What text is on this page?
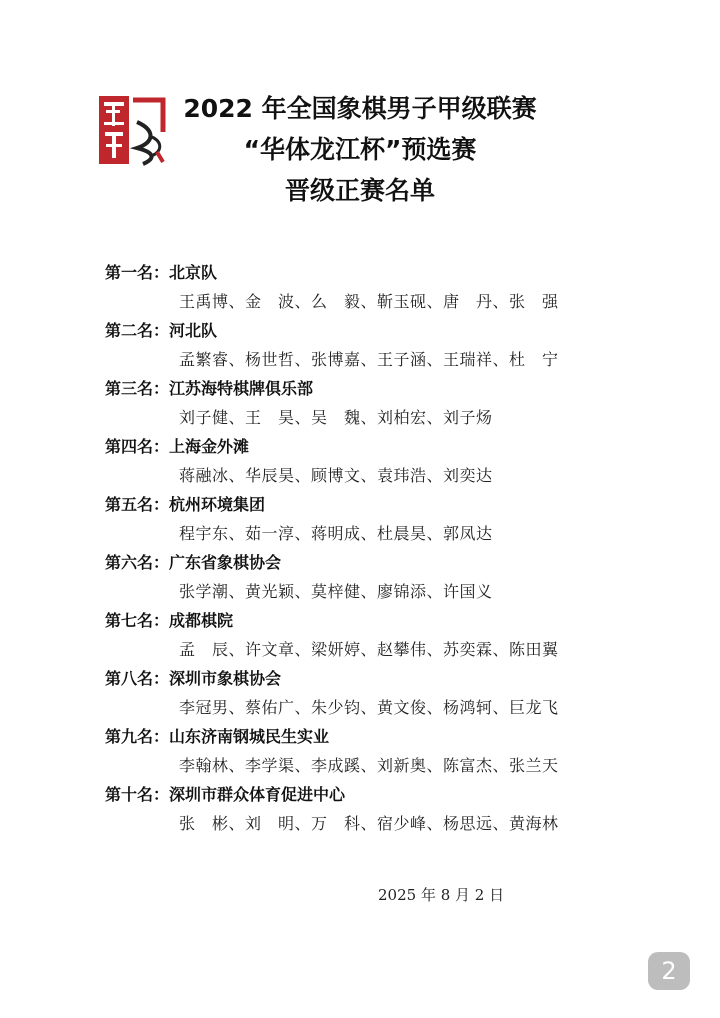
2022 年全国象棋男子甲级联赛
“华体龙江杯”预选赛
晋级正赛名单
第一名：北京队
王禹博、金　波、么　毅、靳玉砚、唐　丹、张　强
第二名：河北队
孟繁睿、杨世哲、张博嘉、王子涵、王瑞祥、杜　宁
第三名：江苏海特棋牌俱乐部
刘子健、王　昊、吴　魏、刘柏宏、刘子炀
第四名：上海金外滩
蒋融冰、华辰昊、顾博文、袁玮浩、刘奕达
第五名：杭州环境集团
程宇东、茹一淳、蒋明成、杜晨昊、郭凤达
第六名：广东省象棋协会
张学潮、黄光颖、莫梓健、廖锦添、许国义
第七名：成都棋院
孟　辰、许文章、梁妍婷、赵攀伟、苏奕霖、陈田翼
第八名：深圳市象棋协会
李冠男、蔡佑广、朱少钧、黄文俊、杨鸿轲、巨龙飞
第九名：山东济南钢城民生实业
李翰林、李学渠、李成蹊、刘新奥、陈富杰、张兰天
第十名：深圳市群众体育促进中心
张　彬、刘　明、万　科、宿少峰、杨思远、黄海林
2025 年 8 月 2 日
2
